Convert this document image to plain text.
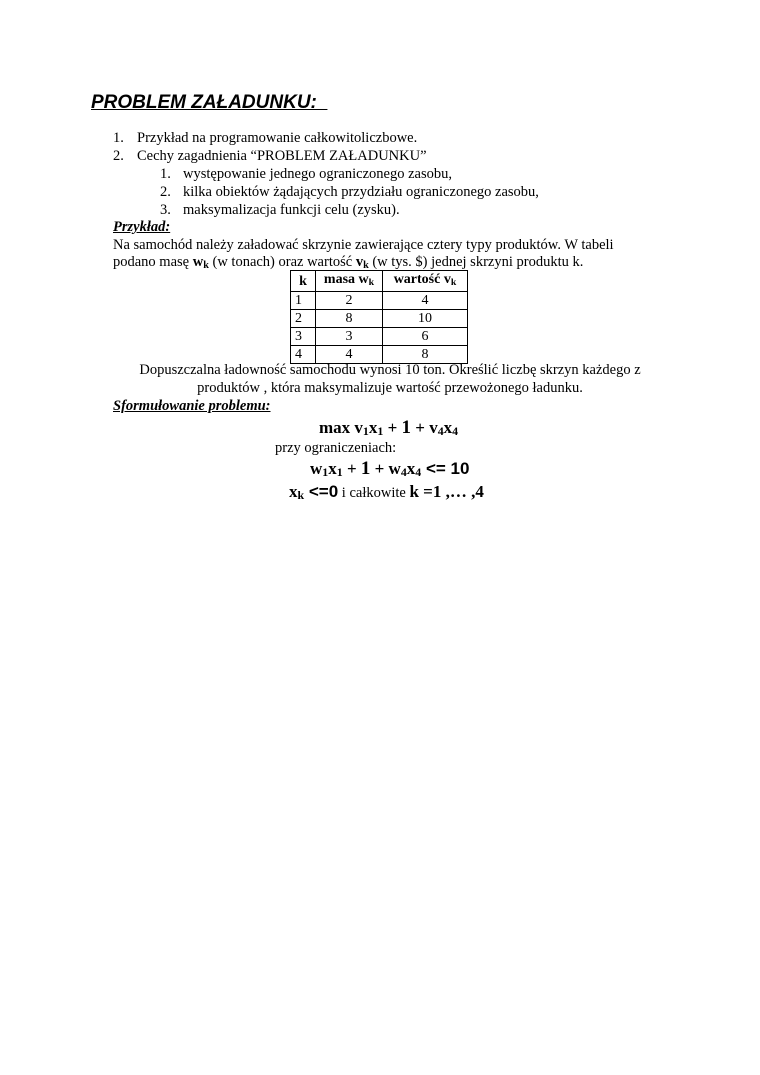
PROBLEM ZAŁADUNKU:
1. Przykład na programowanie całkowitoliczbowe.
2. Cechy zagadnienia “PROBLEM ZAŁADUNKU”
1. występowanie jednego ograniczonego zasobu,
2. kilka obiektów żądających przydziału ograniczonego zasobu,
3. maksymalizacja funkcji celu (zysku).
Przykład:
Na samochód należy załadować skrzynie zawierające cztery typy produktów. W tabeli
podano masę $w_k$ (w tonach) oraz wartość $v_k$ (w tys. $) jednej skrzyni produktu k.
k	masa $w_k$	wartość $v_k$
1	2	4
2	8	10
3	3	6
4	4	8
Dopuszczalna ładowność samochodu wynosi 10 ton. Określić liczbę skrzyn każdego z
produktów , która maksymalizuje wartość przewożonego ładunku.
Sformułowanie problemu:
$\max v_1x_1 + 1 + v_4x_4$
przy ograniczeniach:
$w_1x_1 + 1 + w_4x_4 <= 10$
$x_k <=0$ i całkowite k =1 ,… ,4
